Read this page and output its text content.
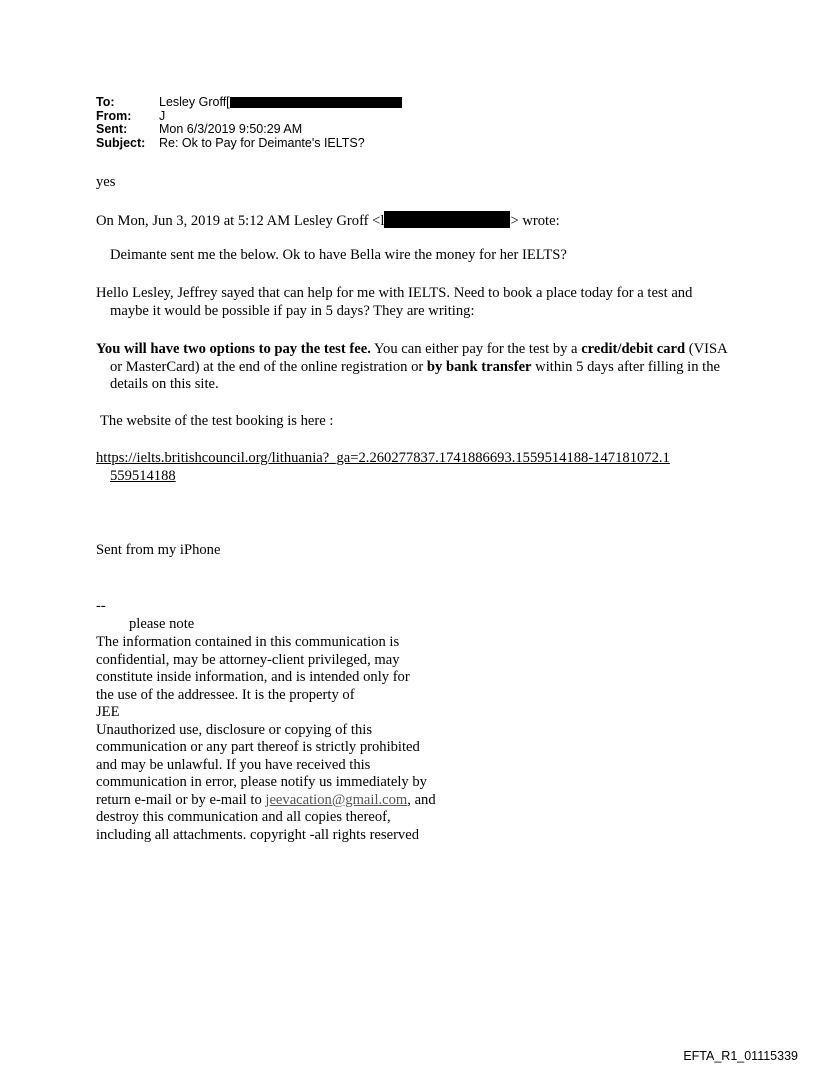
To:	Lesley Groff[
From:	J
Sent:	Mon 6/3/2019 9:50:29 AM
Subject:	Re: Ok to Pay for Deimante's IELTS?
yes
On Mon, Jun 3, 2019 at 5:12 AM Lesley Groff <l	> wrote:
Deimante sent me the below. Ok to have Bella wire the money for her IELTS?
Hello Lesley, Jeffrey sayed that can help for me with IELTS. Need to book a place today for a test and maybe it would be possible if pay in 5 days? They are writing:
You will have two options to pay the test fee. You can either pay for the test by a credit/debit card (VISA or MasterCard) at the end of the online registration or by bank transfer within 5 days after filling in the details on this site.
The website of the test booking is here :
https://ielts.britishcouncil.org/lithuania?_ga=2.260277837.1741886693.1559514188-147181072.1559514188
Sent from my iPhone
--
please note
The information contained in this communication is
confidential, may be attorney-client privileged, may
constitute inside information, and is intended only for
the use of the addressee. It is the property of
JEE
Unauthorized use, disclosure or copying of this
communication or any part thereof is strictly prohibited
and may be unlawful. If you have received this
communication in error, please notify us immediately by
return e-mail or by e-mail to jeevacation@gmail.com, and
destroy this communication and all copies thereof,
including all attachments. copyright -all rights reserved
EFTA_R1_01115339
